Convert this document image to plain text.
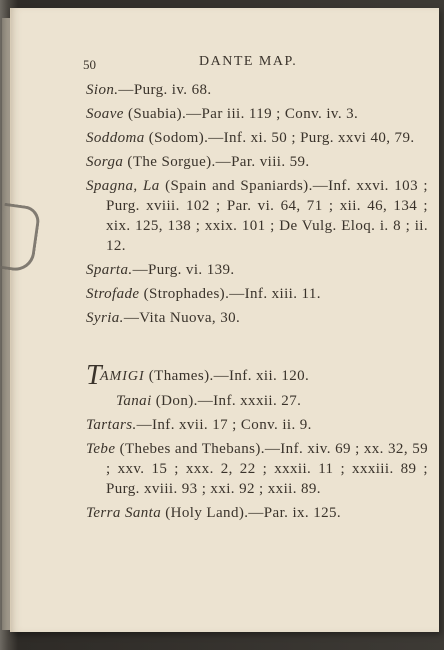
50	DANTE MAP.

Sion.—Purg. iv. 68.

Soave (Suabia).—Par iii. 119 ; Conv. iv. 3.

Soddoma (Sodom).—Inf. xi. 50 ; Purg. xxvi 40, 79.

Sorga (The Sorgue).—Par. viii. 59.

Spagna, La (Spain and Spaniards).—Inf. xxvi. 103 ; Purg. xviii. 102 ; Par. vi. 64, 71 ; xii. 46, 134 ; xix. 125, 138 ; xxix. 101 ; De Vulg. Eloq. i. 8 ; ii. 12.

Sparta.—Purg. vi. 139.

Strofade (Strophades).—Inf. xiii. 11.

Syria.—Vita Nuova, 30.

TAMIGI (Thames).—Inf. xii. 120.

Tanai (Don).—Inf. xxxii. 27.

Tartars.—Inf. xvii. 17 ; Conv. ii. 9.

Tebe (Thebes and Thebans).—Inf. xiv. 69 ; xx. 32, 59 ; xxv. 15 ; xxx. 2, 22 ; xxxii. 11 ; xxxiii. 89 ; Purg. xviii. 93 ; xxi. 92 ; xxii. 89.

Terra Santa (Holy Land).—Par. ix. 125.
